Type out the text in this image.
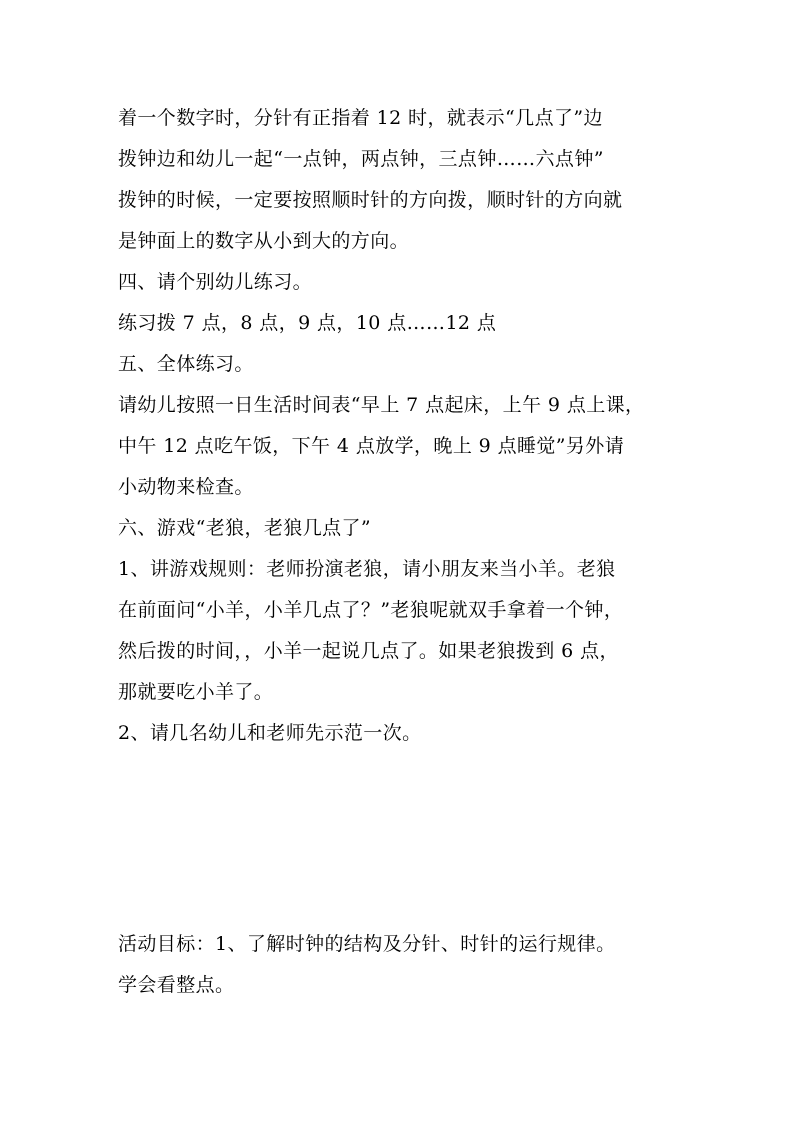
着一个数字时，分针有正指着 12 时，就表示“几点了”边
拨钟边和幼儿一起“一点钟，两点钟，三点钟……六点钟”
拨钟的时候，一定要按照顺时针的方向拨，顺时针的方向就
是钟面上的数字从小到大的方向。
四、请个别幼儿练习。
练习拨 7 点，8 点，9 点，10 点……12 点
五、全体练习。
请幼儿按照一日生活时间表“早上 7 点起床，上午 9 点上课，
中午 12 点吃午饭，下午 4 点放学，晚上 9 点睡觉”另外请
小动物来检查。
六、游戏“老狼，老狼几点了”
1、讲游戏规则：老师扮演老狼，请小朋友来当小羊。老狼
在前面问“小羊，小羊几点了？”老狼呢就双手拿着一个钟，
然后拨的时间，，小羊一起说几点了。如果老狼拨到 6 点，
那就要吃小羊了。
2、请几名幼儿和老师先示范一次。
活动目标：1、了解时钟的结构及分针、时针的运行规律。
学会看整点。
